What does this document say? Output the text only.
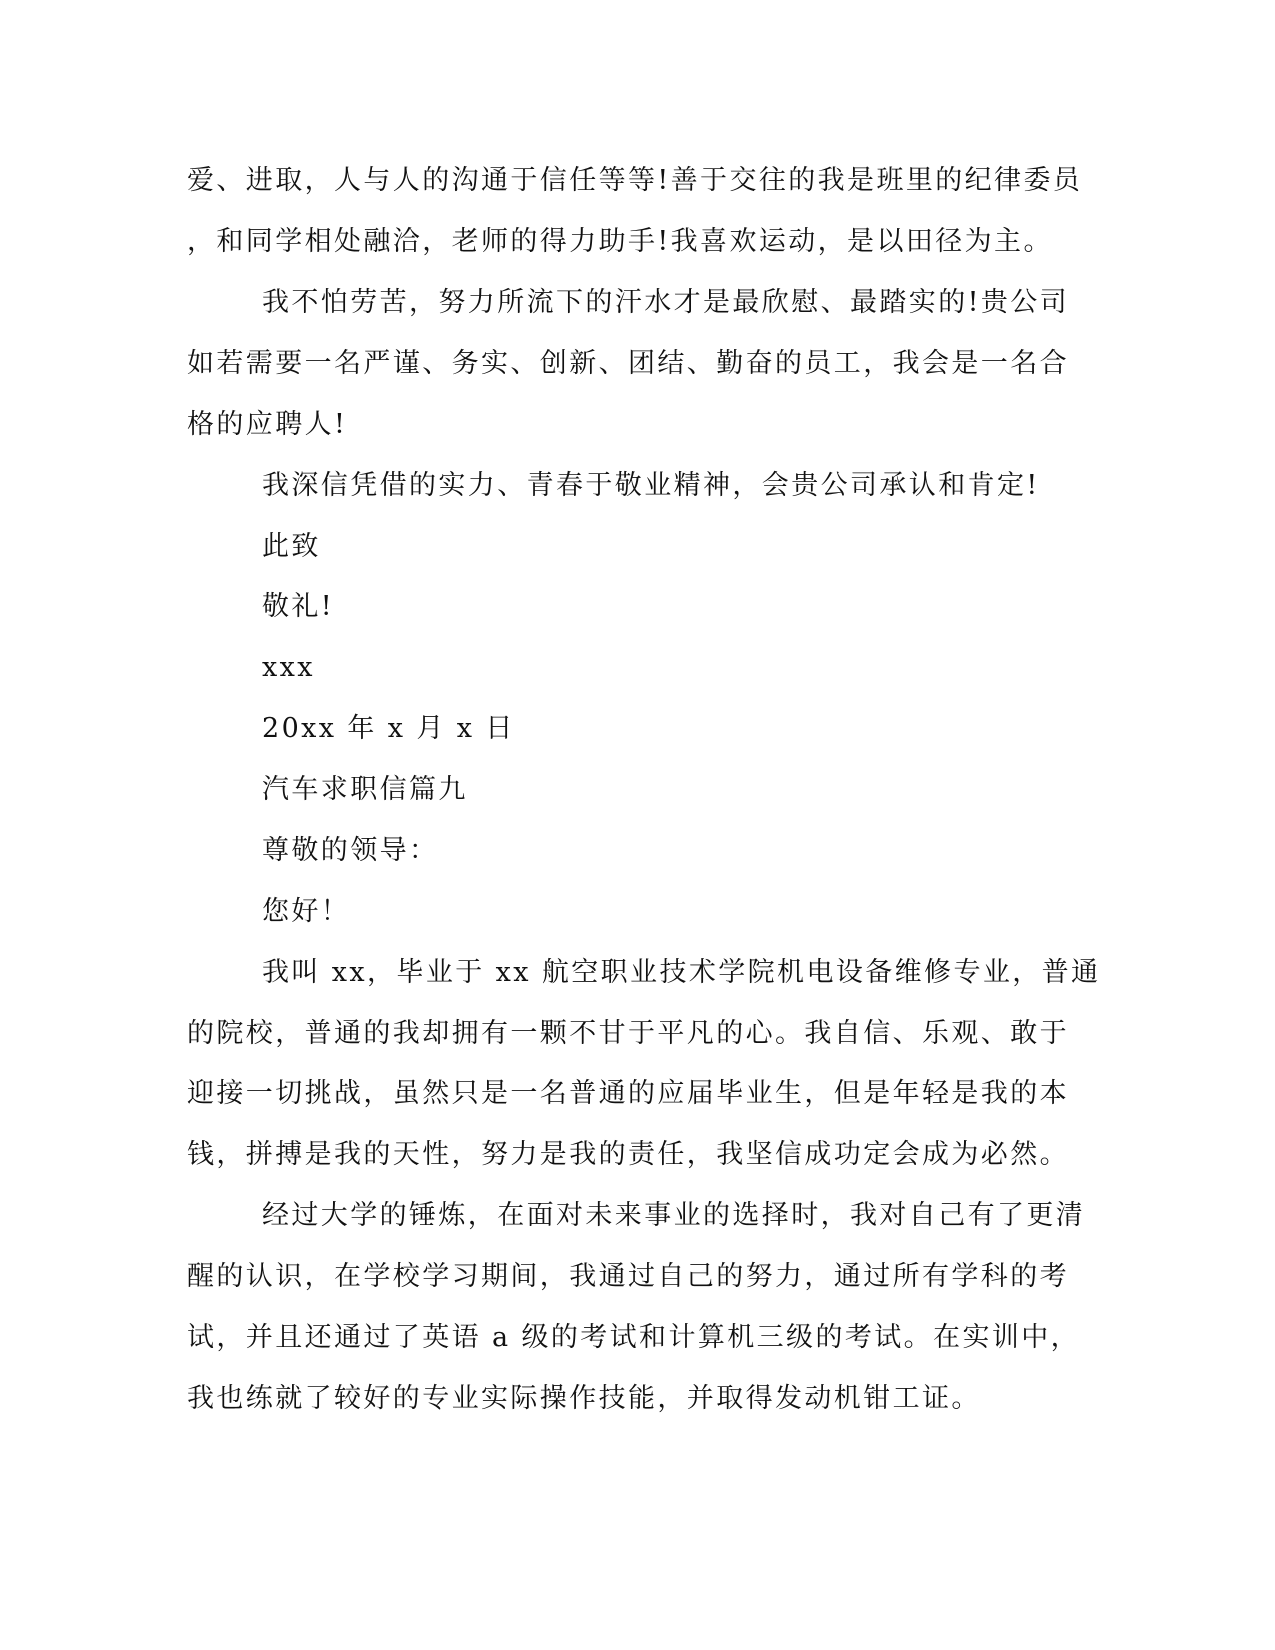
爱、进取，人与人的沟通于信任等等!善于交往的我是班里的纪律委员
，和同学相处融洽，老师的得力助手!我喜欢运动，是以田径为主。
我不怕劳苦，努力所流下的汗水才是最欣慰、最踏实的!贵公司
如若需要一名严谨、务实、创新、团结、勤奋的员工，我会是一名合
格的应聘人!
我深信凭借的实力、青春于敬业精神，会贵公司承认和肯定!
此致
敬礼!
xxx
20xx 年 x 月 x 日
汽车求职信篇九
尊敬的领导：
您好！
我叫 xx，毕业于 xx 航空职业技术学院机电设备维修专业，普通
的院校，普通的我却拥有一颗不甘于平凡的心。我自信、乐观、敢于
迎接一切挑战，虽然只是一名普通的应届毕业生，但是年轻是我的本
钱，拼搏是我的天性，努力是我的责任，我坚信成功定会成为必然。
经过大学的锤炼，在面对未来事业的选择时，我对自己有了更清
醒的认识，在学校学习期间，我通过自己的努力，通过所有学科的考
试，并且还通过了英语 a 级的考试和计算机三级的考试。在实训中，
我也练就了较好的专业实际操作技能，并取得发动机钳工证。
